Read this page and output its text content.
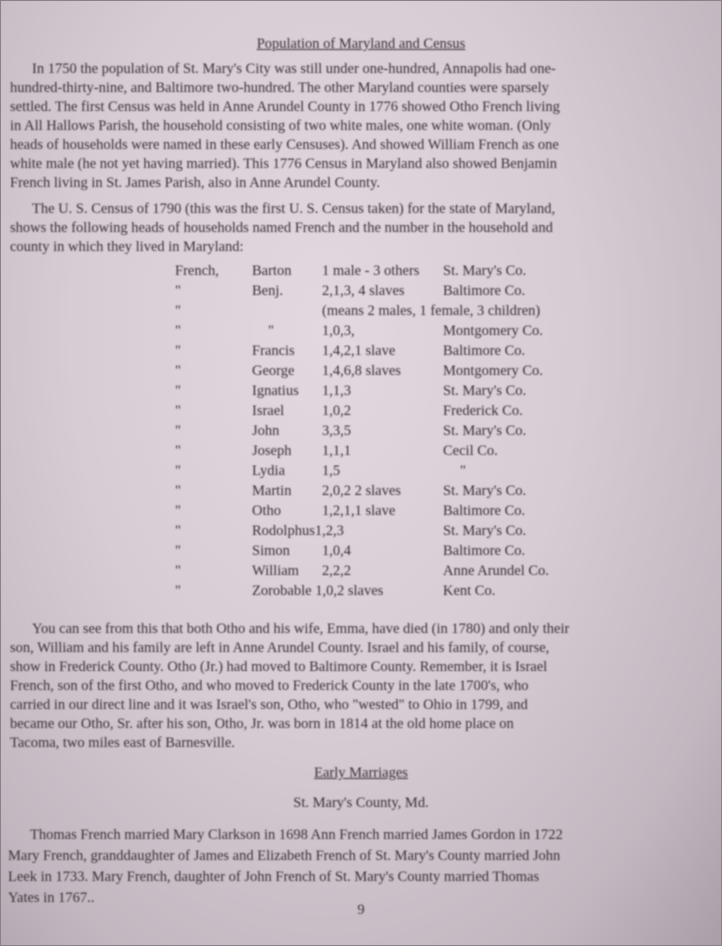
Population of Maryland and Census
In 1750 the population of St. Mary's City was still under one-hundred, Annapolis had one-
hundred-thirty-nine, and Baltimore two-hundred. The other Maryland counties were sparsely
settled. The first Census was held in Anne Arundel County in 1776 showed Otho French living
in All Hallows Parish, the household consisting of two white males, one white woman. (Only
heads of households were named in these early Censuses). And showed William French as one
white male (he not yet having married). This 1776 Census in Maryland also showed Benjamin
French living in St. James Parish, also in Anne Arundel County.
The U. S. Census of 1790 (this was the first U. S. Census taken) for the state of Maryland,
shows the following heads of households named French and the number in the household and
county in which they lived in Maryland:
French, Barton 1 male - 3 others St. Mary's Co.
"	Benj.	2,1,3, 4 slaves	Baltimore Co.
"	(means 2 males, 1 female, 3 children)
"	"	1,0,3,	Montgomery Co.
"	Francis 1,4,2,1 slave	Baltimore Co.
"	George 1,4,6,8 slaves	Montgomery Co.
"	Ignatius 1,1,3	St. Mary's Co.
"	Israel	1,0,2	Frederick Co.
"	John	3,3,5	St. Mary's Co.
"	Joseph 1,1,1	Cecil Co.
"	Lydia	1,5	"
"	Martin 2,0,2 2 slaves	St. Mary's Co.
"	Otho	1,2,1,1 slave	Baltimore Co.
"	Rodolphus1,2,3	St. Mary's Co.
"	Simon 1,0,4	Baltimore Co.
"	William 2,2,2	Anne Arundel Co.
"	Zorobable 1,0,2 slaves	Kent Co.
You can see from this that both Otho and his wife, Emma, have died (in 1780) and only their
son, William and his family are left in Anne Arundel County. Israel and his family, of course,
show in Frederick County. Otho (Jr.) had moved to Baltimore County. Remember, it is Israel
French, son of the first Otho, and who moved to Frederick County in the late 1700's, who
carried in our direct line and it was Israel's son, Otho, who "wested" to Ohio in 1799, and
became our Otho, Sr. after his son, Otho, Jr. was born in 1814 at the old home place on
Tacoma, two miles east of Barnesville.
Early Marriages
St. Mary's County, Md.
Thomas French married Mary Clarkson in 1698 Ann French married James Gordon in 1722
Mary French, granddaughter of James and Elizabeth French of St. Mary's County married John
Leek in 1733. Mary French, daughter of John French of St. Mary's County married Thomas
Yates in 1767..
9
